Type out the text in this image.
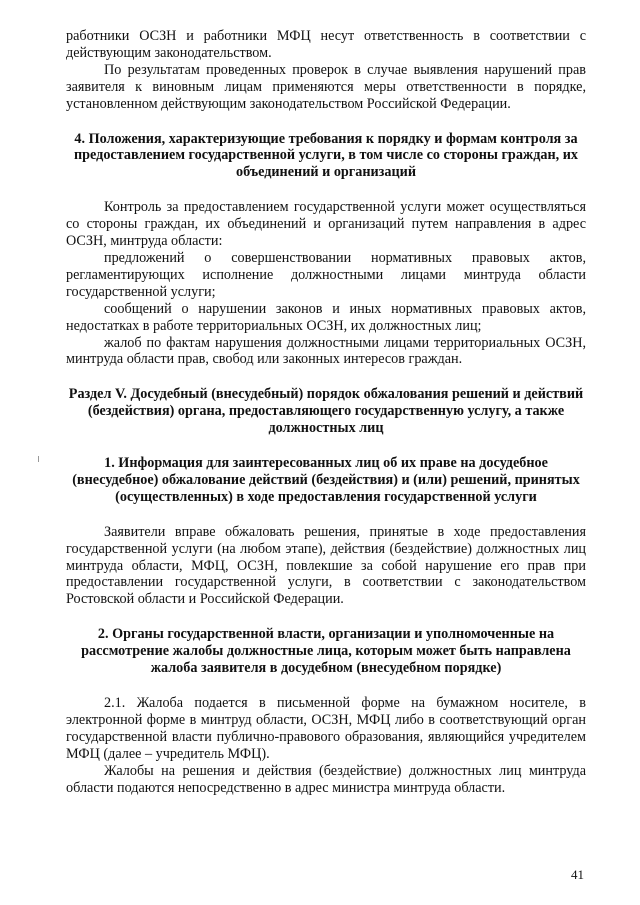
работники ОСЗН и работники МФЦ несут ответственность в соответствии с действующим законодательством.

По результатам проведенных проверок в случае выявления нарушений прав заявителя к виновным лицам применяются меры ответственности в порядке, установленном действующим законодательством Российской Федерации.

4. Положения, характеризующие требования к порядку и формам контроля за предоставлением государственной услуги, в том числе со стороны граждан, их объединений и организаций

Контроль за предоставлением государственной услуги может осуществляться со стороны граждан, их объединений и организаций путем направления в адрес ОСЗН, минтруда области:

предложений о совершенствовании нормативных правовых актов, регламентирующих исполнение должностными лицами минтруда области государственной услуги;

сообщений о нарушении законов и иных нормативных правовых актов, недостатках в работе территориальных ОСЗН, их должностных лиц;

жалоб по фактам нарушения должностными лицами территориальных ОСЗН, минтруда области прав, свобод или законных интересов граждан.

Раздел V. Досудебный (внесудебный) порядок обжалования решений и действий (бездействия) органа, предоставляющего государственную услугу, а также должностных лиц

1. Информация для заинтересованных лиц об их праве на досудебное (внесудебное) обжалование действий (бездействия) и (или) решений, принятых (осуществленных) в ходе предоставления государственной услуги

Заявители вправе обжаловать решения, принятые в ходе предоставления государственной услуги (на любом этапе), действия (бездействие) должностных лиц минтруда области, МФЦ, ОСЗН, повлекшие за собой нарушение его прав при предоставлении государственной услуги, в соответствии с законодательством Ростовской области и Российской Федерации.

2. Органы государственной власти, организации и уполномоченные на рассмотрение жалобы должностные лица, которым может быть направлена жалоба заявителя в досудебном (внесудебном порядке)

2.1. Жалоба подается в письменной форме на бумажном носителе, в электронной форме в минтруд области, ОСЗН, МФЦ либо в соответствующий орган государственной власти публично-правового образования, являющийся учредителем МФЦ (далее – учредитель МФЦ).

Жалобы на решения и действия (бездействие) должностных лиц минтруда области подаются непосредственно в адрес министра минтруда области.

41
